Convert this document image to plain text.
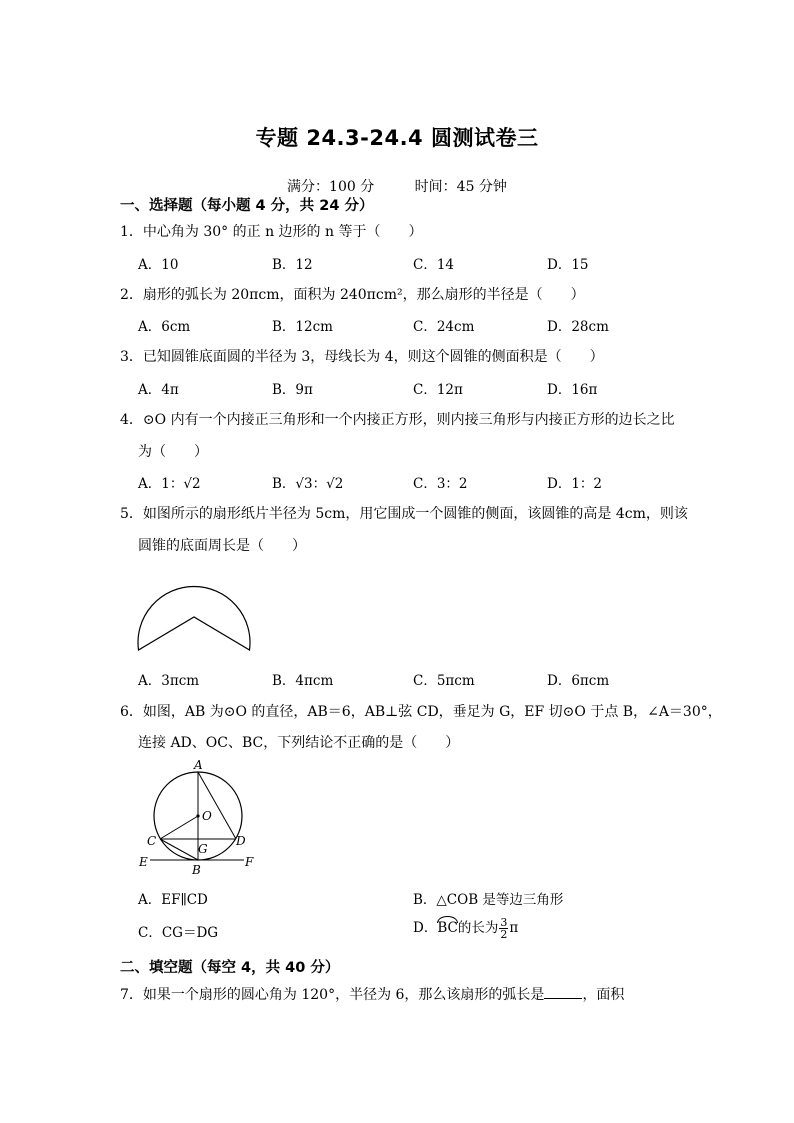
专题 24.3-24.4 圆测试卷三
满分：100 分	时间：45 分钟
一、选择题（每小题 4 分，共 24 分）
1．中心角为 30° 的正 n 边形的 n 等于（　　）
A．10	B．12	C．14	D．15
2．扇形的弧长为 20πcm，面积为 240πcm²，那么扇形的半径是（　　）
A．6cm	B．12cm	C．24cm	D．28cm
3．已知圆锥底面圆的半径为 3，母线长为 4，则这个圆锥的侧面积是（　　）
A．4π	B．9π	C．12π	D．16π
4．⊙O 内有一个内接正三角形和一个内接正方形，则内接三角形与内接正方形的边长之比
为（　　）
A．1：√2	B．√3：√2	C．3：2	D．1：2
5．如图所示的扇形纸片半径为 5cm，用它围成一个圆锥的侧面，该圆锥的高是 4cm，则该
圆锥的底面周长是（　　）
A．3πcm	B．4πcm	C．5πcm	D．6πcm
6．如图，AB 为⊙O 的直径，AB＝6，AB⊥弦 CD，垂足为 G，EF 切⊙O 于点 B，∠A＝30°，
连接 AD、OC、BC，下列结论不正确的是（　　）
A
O
C	D
G
B
E	F
A．EF∥CD	B．△COB 是等边三角形
C．CG＝DG	D．BC的长为 $\frac{3}{2}$ π
二、填空题（每空 4，共 40 分）
7．如果一个扇形的圆心角为 120°，半径为 6，那么该扇形的弧长是	，面积
